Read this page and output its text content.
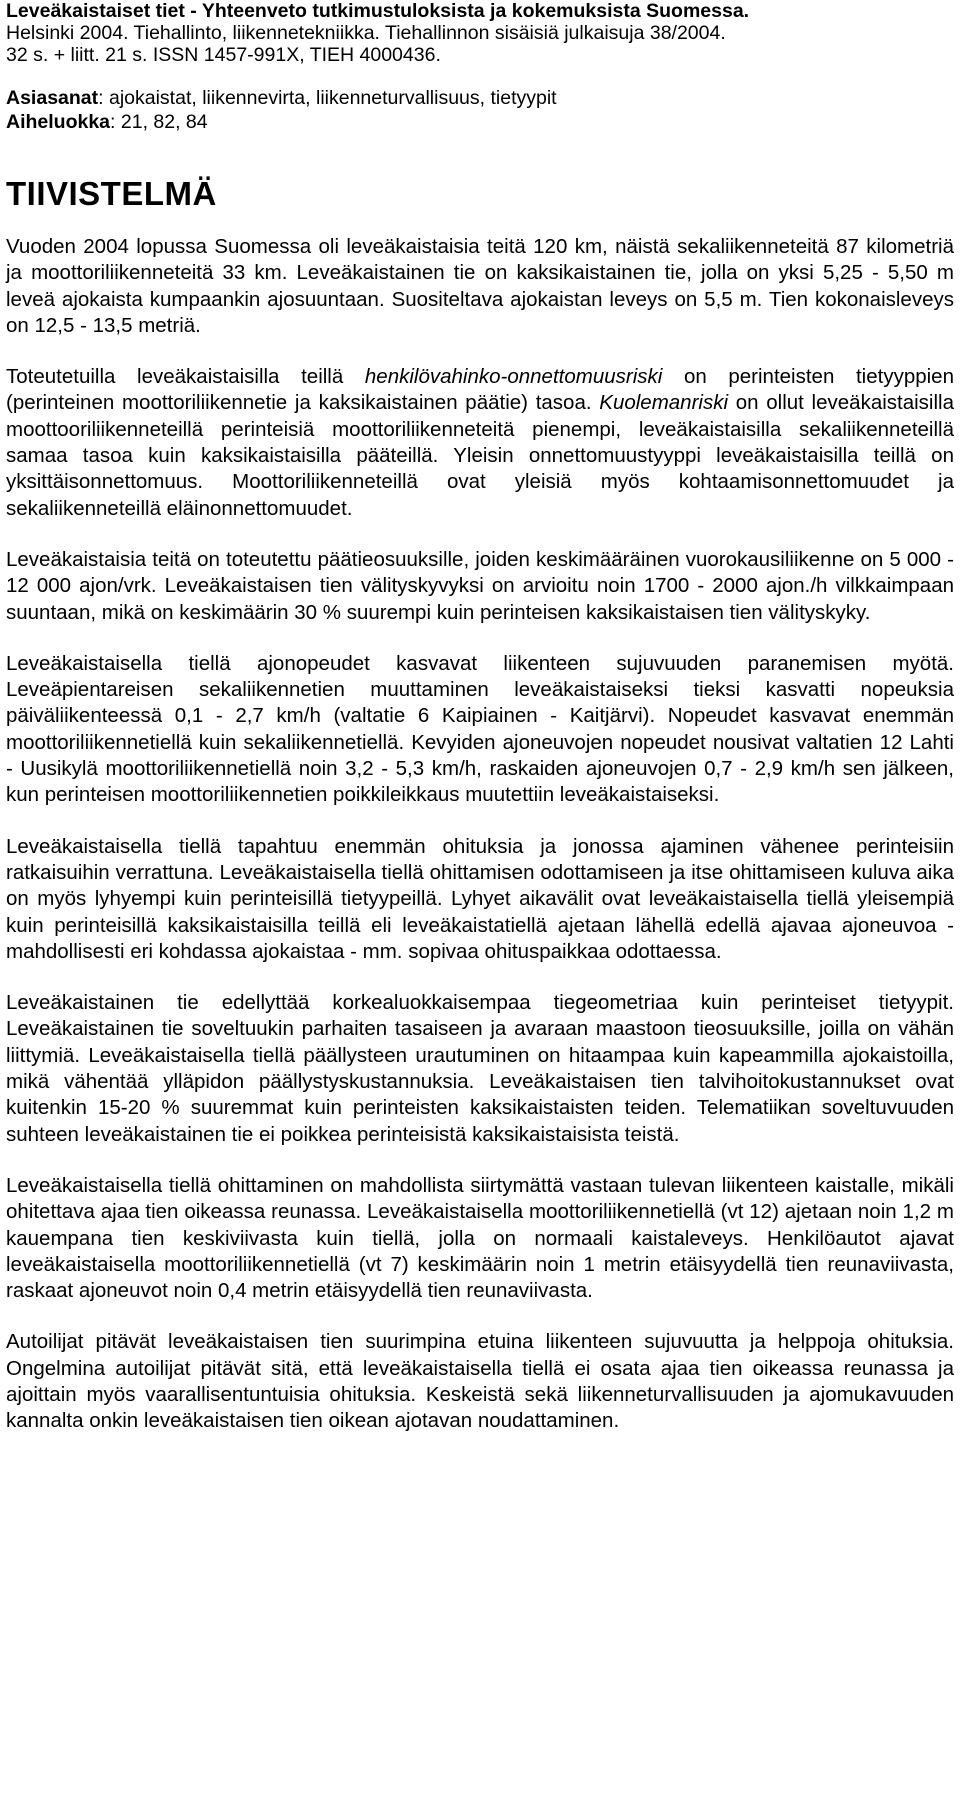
Leveäkaistaiset tiet - Yhteenveto tutkimustuloksista ja kokemuksista Suomessa.
Helsinki 2004. Tiehallinto, liikennetekniikka. Tiehallinnon sisäisiä julkaisuja 38/2004.
32 s. + liitt. 21 s. ISSN 1457-991X, TIEH 4000436.
Asiasanat: ajokaistat, liikennevirta, liikenneturvallisuus, tietyypit
Aiheluokka: 21, 82, 84
TIIVISTELMÄ

Vuoden 2004 lopussa Suomessa oli leveäkaistaisia teitä 120 km, näistä sekaliikenneteitä 87 kilometriä ja moottoriliikenneteitä 33 km. Leveäkaistainen tie on kaksikaistainen tie, jolla on yksi 5,25 - 5,50 m leveä ajokaista kumpaankin ajosuuntaan. Suositeltava ajokaistan leveys on 5,5 m. Tien kokonaisleveys on 12,5 - 13,5 metriä.

Toteutetuilla leveäkaistaisilla teillä henkilövahinko-onnettomuusriski on perinteisten tietyyppien (perinteinen moottoriliikennetie ja kaksikaistainen päätie) tasoa. Kuolemanriski on ollut leveäkaistaisilla moottooriliikenneteillä perinteisiä moottoriliikenneteitä pienempi, leveäkaistaisilla sekaliikenneteillä samaa tasoa kuin kaksikaistaisilla pääteillä. Yleisin onnettomuustyyppi leveäkaistaisilla teillä on yksittäisonnettomuus. Moottoriliikenneteillä ovat yleisiä myös kohtaamisonnettomuudet ja sekaliikenneteillä eläinonnettomuudet.

Leveäkaistaisia teitä on toteutettu päätieosuuksille, joiden keskimääräinen vuorokausiliikenne on 5 000 - 12 000 ajon/vrk. Leveäkaistaisen tien välityskyvyksi on arvioitu noin 1700 - 2000 ajon./h vilkkaimpaan suuntaan, mikä on keskimäärin 30 % suurempi kuin perinteisen kaksikaistaisen tien välityskyky.

Leveäkaistaisella tiellä ajonopeudet kasvavat liikenteen sujuvuuden paranemisen myötä. Leveäpientareisen sekaliikennetien muuttaminen leveäkaistaiseksi tieksi kasvatti nopeuksia päiväliikenteessä 0,1 - 2,7 km/h (valtatie 6 Kaipiainen - Kaitjärvi). Nopeudet kasvavat enemmän moottoriliikennetiellä kuin sekaliikennetiellä. Kevyiden ajoneuvojen nopeudet nousivat valtatien 12 Lahti - Uusikylä moottoriliikennetiellä noin 3,2 - 5,3 km/h, raskaiden ajoneuvojen 0,7 - 2,9 km/h sen jälkeen, kun perinteisen moottoriliikennetien poikkileikkaus muutettiin leveäkaistaiseksi.

Leveäkaistaisella tiellä tapahtuu enemmän ohituksia ja jonossa ajaminen vähenee perinteisiin ratkaisuihin verrattuna. Leveäkaistaisella tiellä ohittamisen odottamiseen ja itse ohittamiseen kuluva aika on myös lyhyempi kuin perinteisillä tietyypeillä. Lyhyet aikavälit ovat leveäkaistaisella tiellä yleisempiä kuin perinteisillä kaksikaistaisilla teillä eli leveäkaistatiellä ajetaan lähellä edellä ajavaa ajoneuvoa - mahdollisesti eri kohdassa ajokaistaa - mm. sopivaa ohituspaikkaa odottaessa.

Leveäkaistainen tie edellyttää korkealuokkaisempaa tiegeometriaa kuin perinteiset tietyypit. Leveäkaistainen tie soveltuukin parhaiten tasaiseen ja avaraan maastoon tieosuuksille, joilla on vähän liittymiä. Leveäkaistaisella tiellä päällysteen urautuminen on hitaampaa kuin kapeammilla ajokaistoilla, mikä vähentää ylläpidon päällystyskustannuksia. Leveäkaistaisen tien talvihoitokustannukset ovat kuitenkin 15-20 % suuremmat kuin perinteisten kaksikaistaisten teiden. Telematiikan soveltuvuuden suhteen leveäkaistainen tie ei poikkea perinteisistä kaksikaistaisista teistä.

Leveäkaistaisella tiellä ohittaminen on mahdollista siirtymättä vastaan tulevan liikenteen kaistalle, mikäli ohitettava ajaa tien oikeassa reunassa. Leveäkaistaisella moottoriliikennetiellä (vt 12) ajetaan noin 1,2 m kauempana tien keskiviivasta kuin tiellä, jolla on normaali kaistaleveys. Henkilöautot ajavat leveäkaistaisella moottoriliikennetiellä (vt 7) keskimäärin noin 1 metrin etäisyydellä tien reunaviivasta, raskaat ajoneuvot noin 0,4 metrin etäisyydellä tien reunaviivasta.

Autoilijat pitävät leveäkaistaisen tien suurimpina etuina liikenteen sujuvuutta ja helppoja ohituksia. Ongelmina autoilijat pitävät sitä, että leveäkaistaisella tiellä ei osata ajaa tien oikeassa reunassa ja ajoittain myös vaarallisentuntuisia ohituksia. Keskeistä sekä liikenneturvallisuuden ja ajomukavuuden kannalta onkin leveäkaistaisen tien oikean ajotavan noudattaminen.
